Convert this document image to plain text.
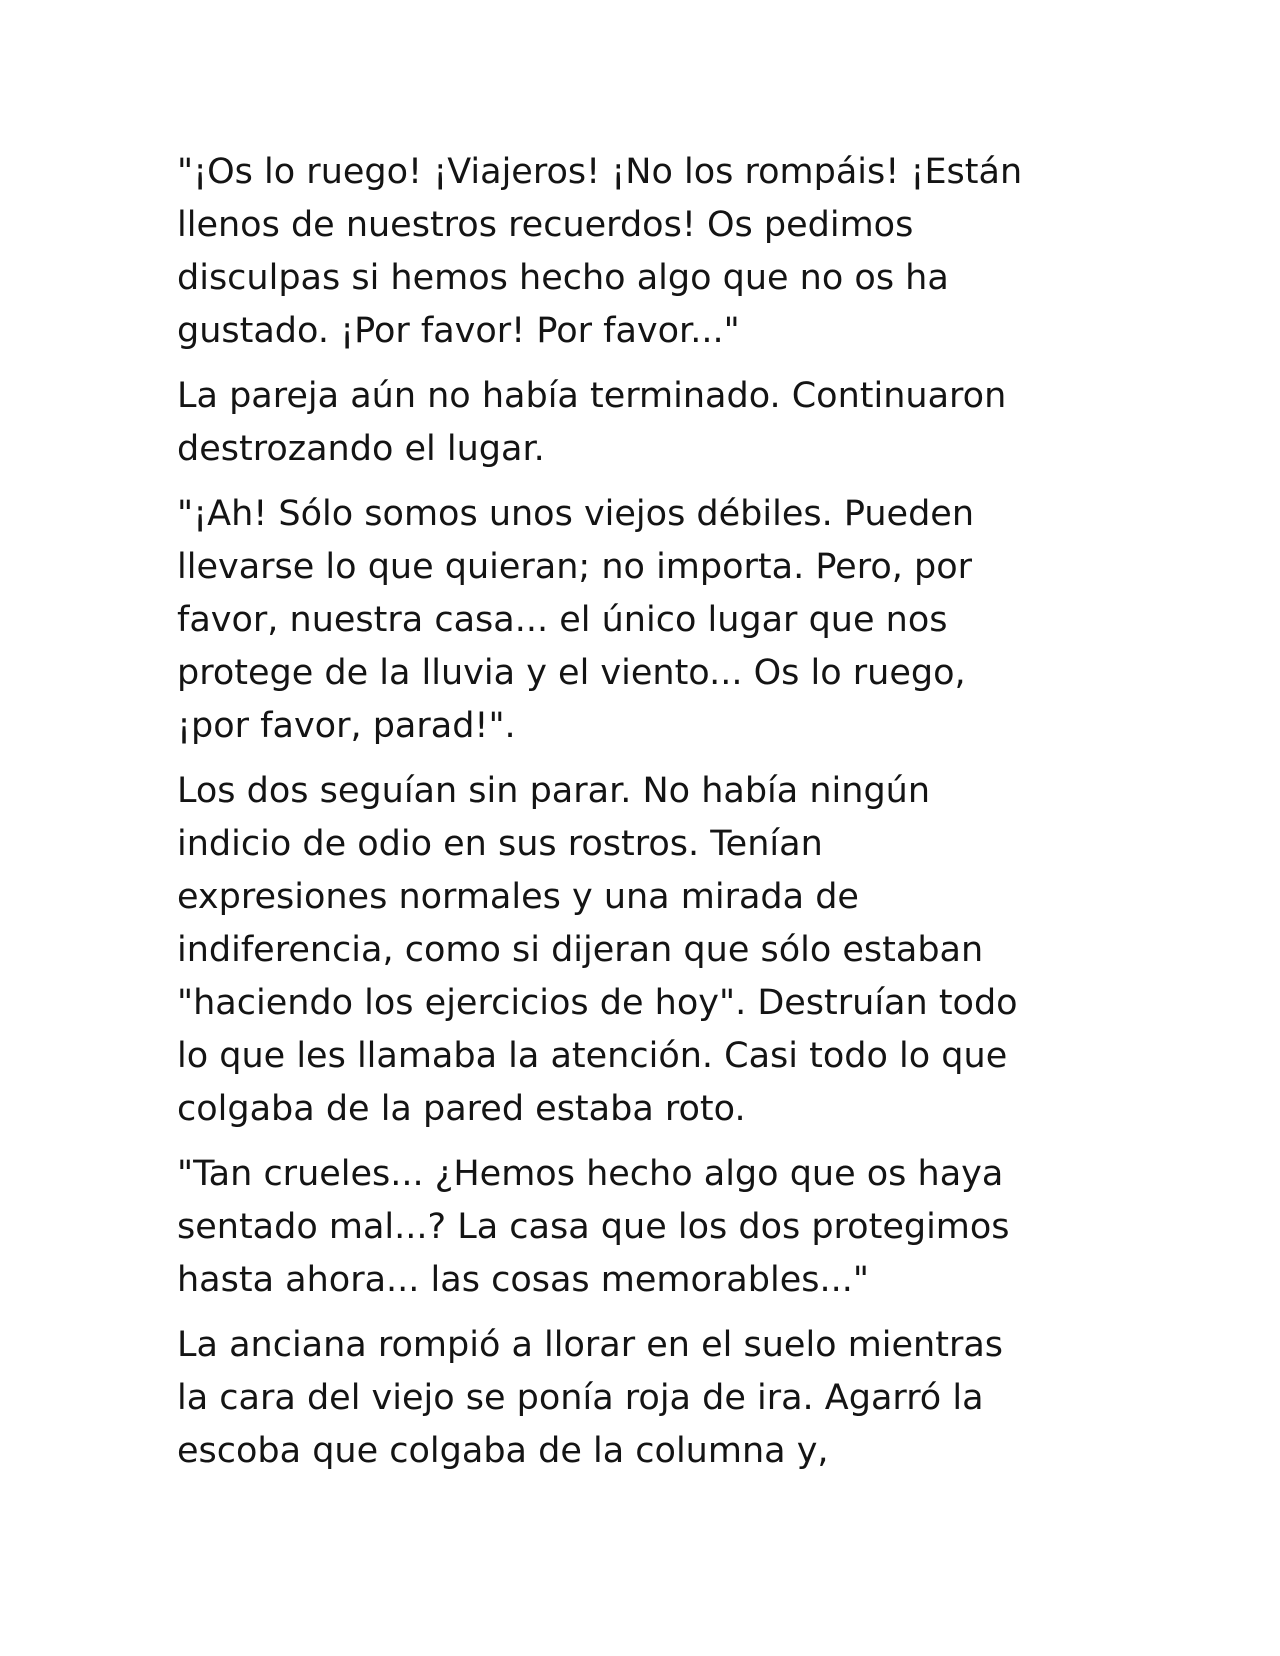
"¡Os lo ruego! ¡Viajeros! ¡No los rompáis! ¡Están
llenos de nuestros recuerdos! Os pedimos
disculpas si hemos hecho algo que no os ha
gustado. ¡Por favor! Por favor..."

La pareja aún no había terminado. Continuaron
destrozando el lugar.

"¡Ah! Sólo somos unos viejos débiles. Pueden
llevarse lo que quieran; no importa. Pero, por
favor, nuestra casa... el único lugar que nos
protege de la lluvia y el viento... Os lo ruego,
¡por favor, parad!".

Los dos seguían sin parar. No había ningún
indicio de odio en sus rostros. Tenían
expresiones normales y una mirada de
indiferencia, como si dijeran que sólo estaban
"haciendo los ejercicios de hoy". Destruían todo
lo que les llamaba la atención. Casi todo lo que
colgaba de la pared estaba roto.

"Tan crueles... ¿Hemos hecho algo que os haya
sentado mal...? La casa que los dos protegimos
hasta ahora... las cosas memorables..."

La anciana rompió a llorar en el suelo mientras
la cara del viejo se ponía roja de ira. Agarró la
escoba que colgaba de la columna y,
